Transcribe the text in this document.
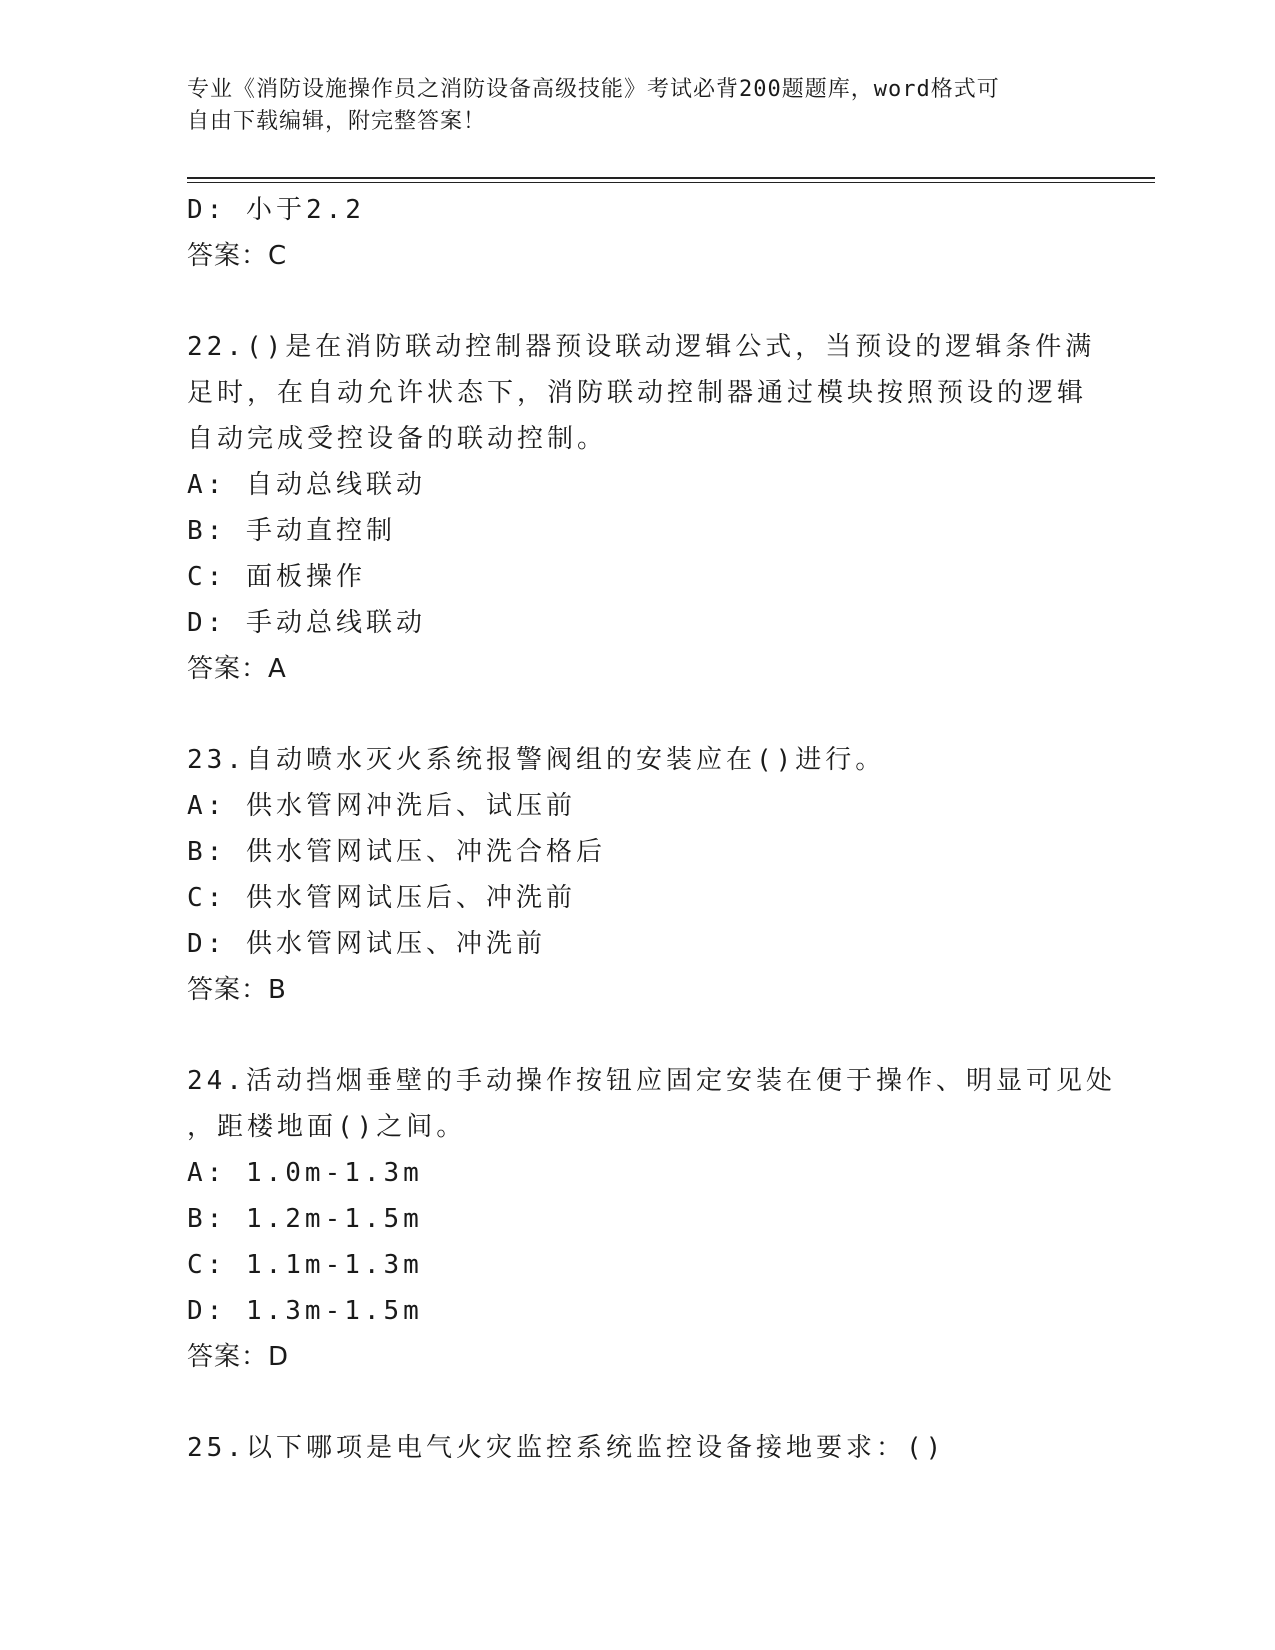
专业《消防设施操作员之消防设备高级技能》考试必背200题题库，word格式可
自由下载编辑，附完整答案！
D: 小于2.2
答案：C
22.()是在消防联动控制器预设联动逻辑公式，当预设的逻辑条件满
足时，在自动允许状态下，消防联动控制器通过模块按照预设的逻辑
自动完成受控设备的联动控制。
A: 自动总线联动
B: 手动直控制
C: 面板操作
D: 手动总线联动
答案：A
23.自动喷水灭火系统报警阀组的安装应在()进行。
A: 供水管网冲洗后、试压前
B: 供水管网试压、冲洗合格后
C: 供水管网试压后、冲洗前
D: 供水管网试压、冲洗前
答案：B
24.活动挡烟垂壁的手动操作按钮应固定安装在便于操作、明显可见处
，距楼地面()之间。
A: 1.0m-1.3m
B: 1.2m-1.5m
C: 1.1m-1.3m
D: 1.3m-1.5m
答案：D
25.以下哪项是电气火灾监控系统监控设备接地要求：()
